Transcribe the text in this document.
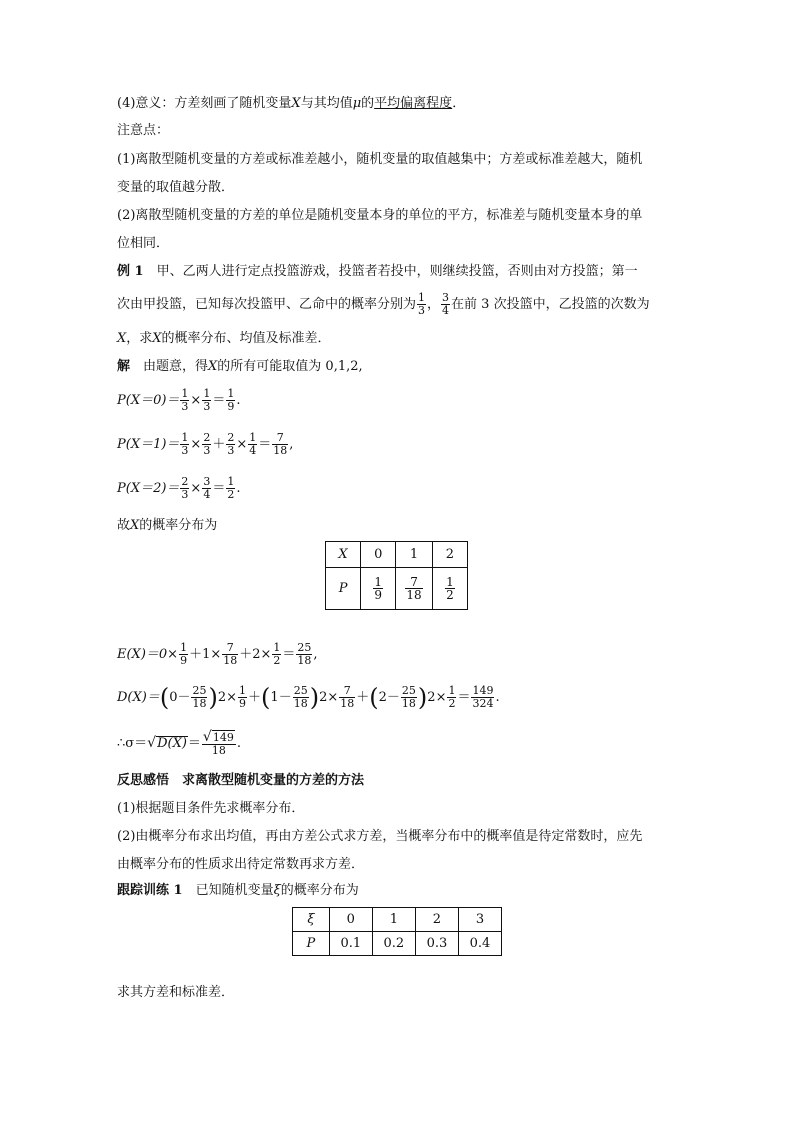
(4)意义：方差刻画了随机变量X与其均值μ的平均偏离程度．
注意点：
(1)离散型随机变量的方差或标准差越小，随机变量的取值越集中；方差或标准差越大，随机
变量的取值越分散．
(2)离散型随机变量的方差的单位是随机变量本身的单位的平方，标准差与随机变量本身的单
位相同．
例 1　甲、乙两人进行定点投篮游戏，投篮者若投中，则继续投篮，否则由对方投篮；第一
次由甲投篮，已知每次投篮甲、乙命中的概率分别为 $\frac{1}{3}$ ， $\frac{3}{4}$ 在前 3 次投篮中，乙投篮的次数为
X，求X的概率分布、均值及标准差．
解　由题意，得X的所有可能取值为 0,1,2,
$P(X=0)= \frac{1}{3} \times \frac{1}{3} = \frac{1}{9}$ .
$P(X=1)= \frac{1}{3} \times \frac{2}{3} + \frac{2}{3} \times \frac{1}{4} = \frac{7}{18}$ ,
$P(X=2)= \frac{2}{3} \times \frac{3}{4} = \frac{1}{2}$ .
故X的概率分布为
X	0	1	2
P	$\frac{1}{9}$	$\frac{7}{18}$	$\frac{1}{2}$
$E(X)=0\times \frac{1}{9} +1\times \frac{7}{18} +2\times \frac{1}{2} = \frac{25}{18}$ ,
$D(X)=(0- \frac{25}{18} )2\times \frac{1}{9} +(1- \frac{25}{18} )2\times \frac{7}{18} +(2- \frac{25}{18} )2\times \frac{1}{2} = \frac{149}{324}$ .
∴σ＝√D(X)＝ $\frac{√149}{18}$ .
反思感悟　求离散型随机变量的方差的方法
(1)根据题目条件先求概率分布．
(2)由概率分布求出均值，再由方差公式求方差，当概率分布中的概率值是待定常数时，应先
由概率分布的性质求出待定常数再求方差．
跟踪训练 1　已知随机变量ξ的概率分布为
ξ	0	1	2	3
P	0.1	0.2	0.3	0.4
求其方差和标准差．
